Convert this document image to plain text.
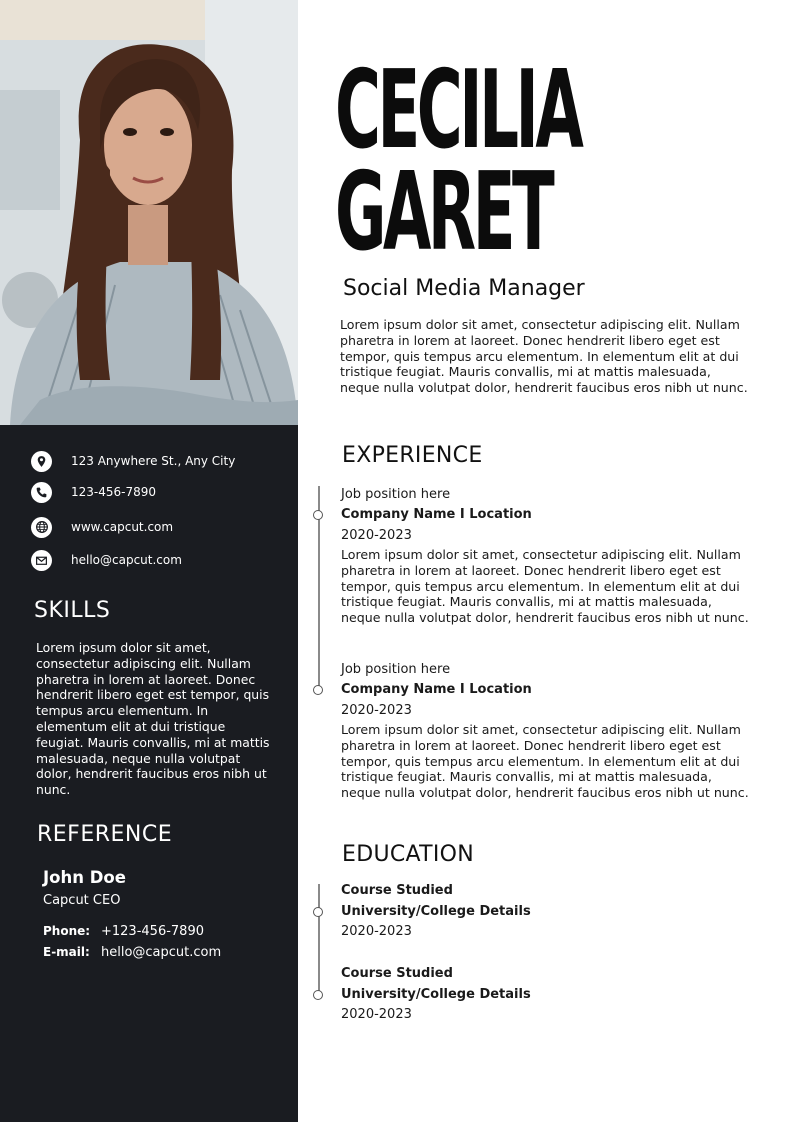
123 Anywhere St., Any City
123-456-7890
www.capcut.com
hello@capcut.com
SKILLS

Lorem ipsum dolor sit amet, consectetur adipiscing elit. Nullam pharetra in lorem at laoreet. Donec hendrerit libero eget est tempor, quis tempus arcu elementum. In elementum elit at dui tristique feugiat. Mauris convallis, mi at mattis malesuada, neque nulla volutpat dolor, hendrerit faucibus eros nibh ut nunc.

REFERENCE
John Doe
Capcut CEO
Phone: +123-456-7890
E-mail: hello@capcut.com
CECILIA
GARET
Social Media Manager

Lorem ipsum dolor sit amet, consectetur adipiscing elit. Nullam pharetra in lorem at laoreet. Donec hendrerit libero eget est tempor, quis tempus arcu elementum. In elementum elit at dui tristique feugiat. Mauris convallis, mi at mattis malesuada, neque nulla volutpat dolor, hendrerit faucibus eros nibh ut nunc.

EXPERIENCE
Job position here
Company Name I Location
2020-2023

Lorem ipsum dolor sit amet, consectetur adipiscing elit. Nullam pharetra in lorem at laoreet. Donec hendrerit libero eget est tempor, quis tempus arcu elementum. In elementum elit at dui tristique feugiat. Mauris convallis, mi at mattis malesuada, neque nulla volutpat dolor, hendrerit faucibus eros nibh ut nunc.

Job position here
Company Name I Location
2020-2023

Lorem ipsum dolor sit amet, consectetur adipiscing elit. Nullam pharetra in lorem at laoreet. Donec hendrerit libero eget est tempor, quis tempus arcu elementum. In elementum elit at dui tristique feugiat. Mauris convallis, mi at mattis malesuada, neque nulla volutpat dolor, hendrerit faucibus eros nibh ut nunc.

EDUCATION
Course Studied
University/College Details
2020-2023
Course Studied
University/College Details
2020-2023
